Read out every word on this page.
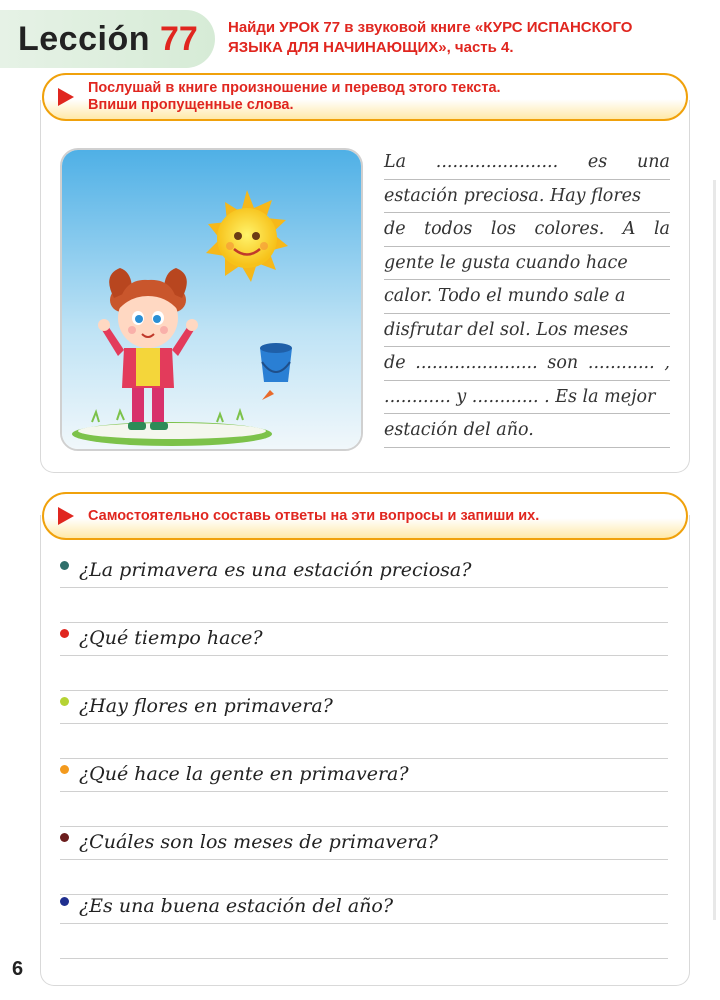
Lección 77 Найди УРОК 77 в звуковой книге «КУРС ИСПАНСКОГО
ЯЗЫКА ДЛЯ НАЧИНАЮЩИХ», часть 4.
Послушай в книге произношение и перевод этого текста.
Впиши пропущенные слова.
La ...................... es una
estación preciosa. Hay flores
de todos los colores. A la
gente le gusta cuando hace
calor. Todo el mundo sale a
disfrutar del sol. Los meses
de ...................... son ............ ,
............ y ............ . Es la mejor
estación del año.
Самостоятельно составь ответы на эти вопросы и запиши их.
¿La primavera es una estación preciosa?
¿Qué tiempo hace?
¿Hay flores en primavera?
¿Qué hace la gente en primavera?
¿Cuáles son los meses de primavera?
¿Es una buena estación del año?
6
